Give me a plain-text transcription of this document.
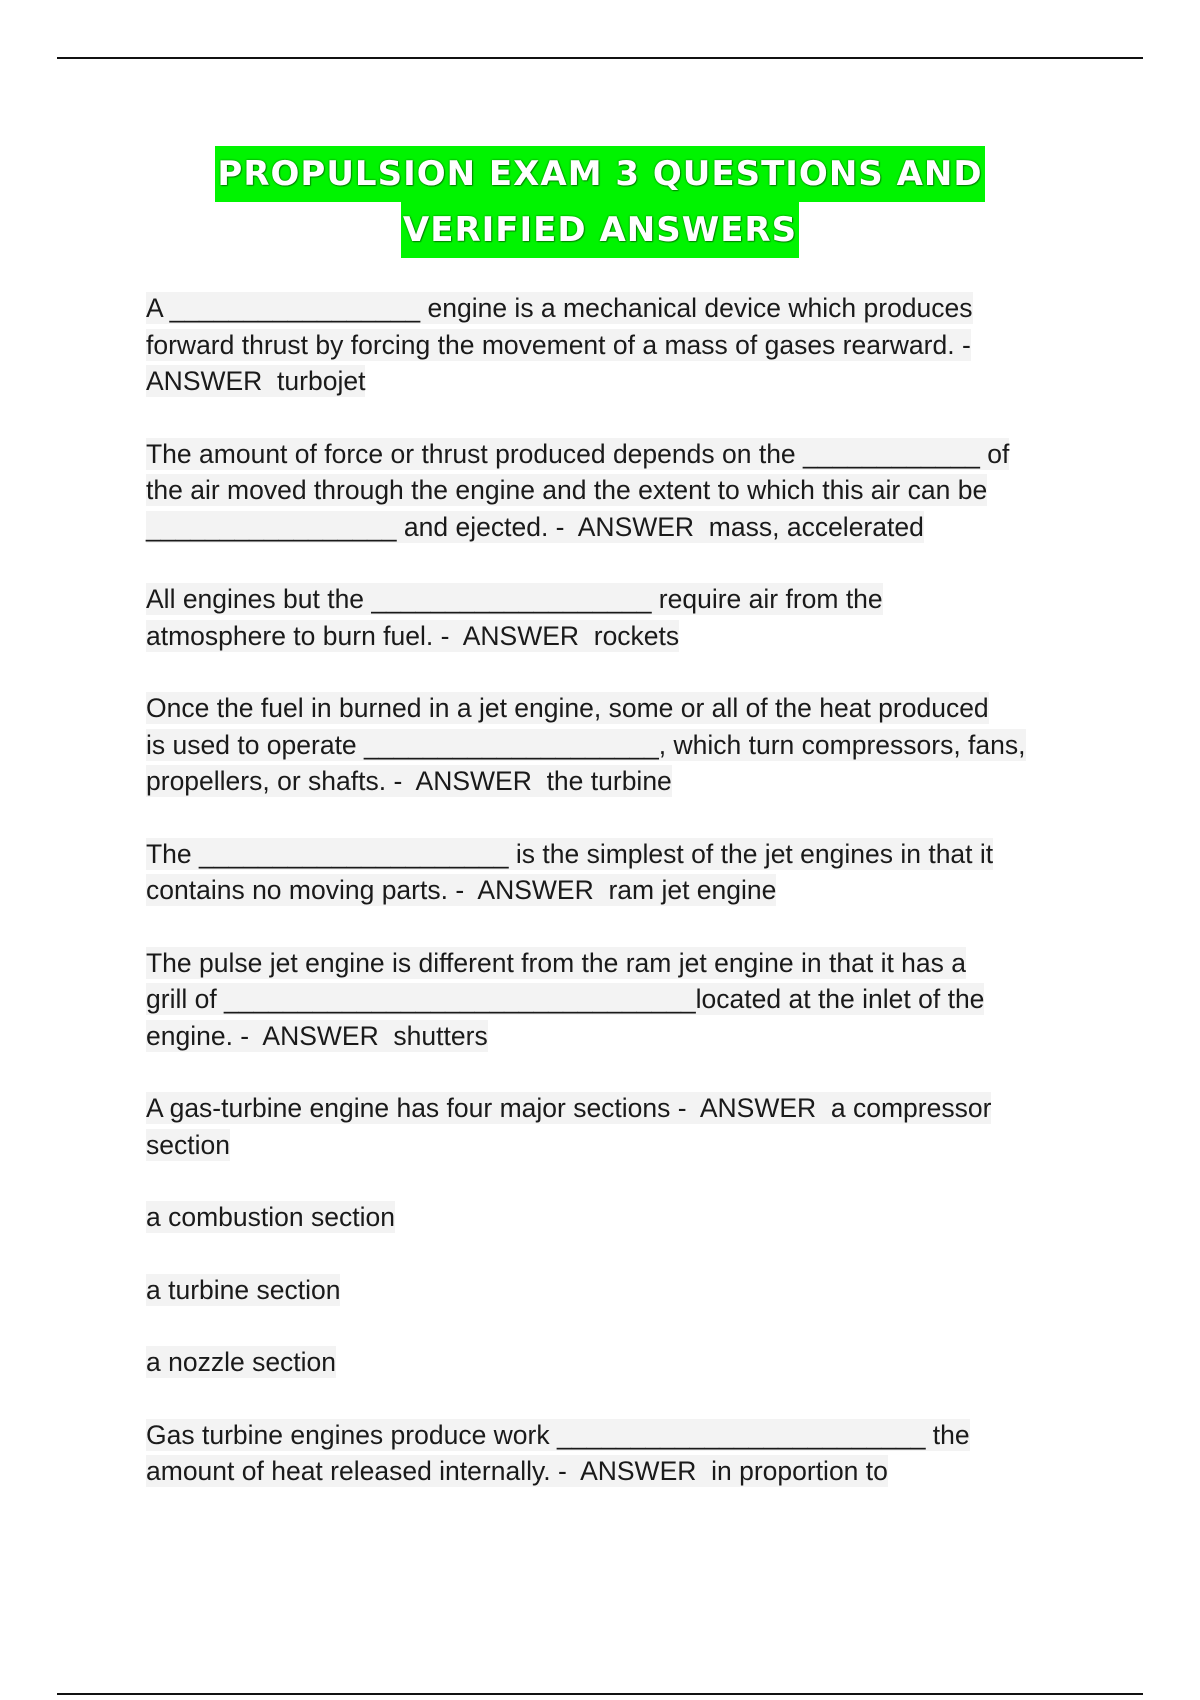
PROPULSION EXAM 3 QUESTIONS AND
VERIFIED ANSWERS

A _________________ engine is a mechanical device which produces
forward thrust by forcing the movement of a mass of gases rearward. -
ANSWER  turbojet

The amount of force or thrust produced depends on the ____________ of
the air moved through the engine and the extent to which this air can be
_________________ and ejected. -  ANSWER  mass, accelerated

All engines but the ___________________ require air from the
atmosphere to burn fuel. -  ANSWER  rockets

Once the fuel in burned in a jet engine, some or all of the heat produced
is used to operate ____________________, which turn compressors, fans,
propellers, or shafts. -  ANSWER  the turbine

The _____________________ is the simplest of the jet engines in that it
contains no moving parts. -  ANSWER  ram jet engine

The pulse jet engine is different from the ram jet engine in that it has a
grill of ________________________________located at the inlet of the
engine. -  ANSWER  shutters

A gas-turbine engine has four major sections -  ANSWER  a compressor
section

a combustion section

a turbine section

a nozzle section

Gas turbine engines produce work _________________________ the
amount of heat released internally. -  ANSWER  in proportion to
